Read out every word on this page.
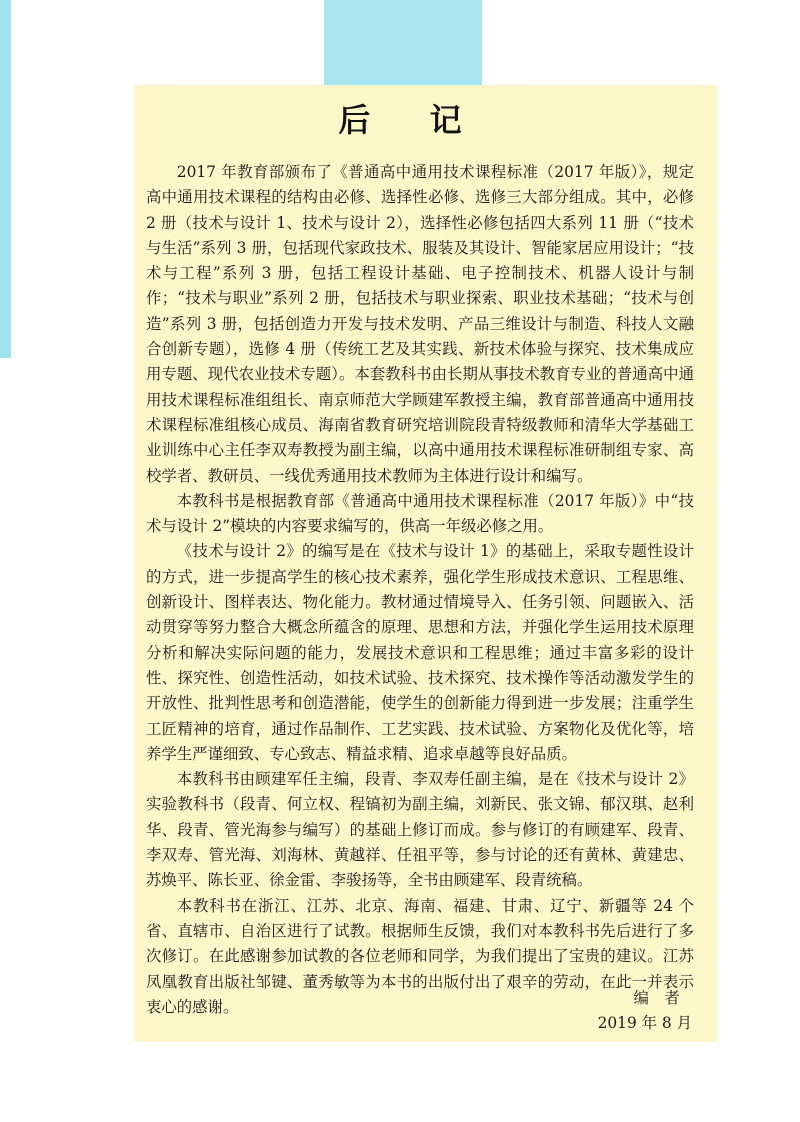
后 记

2017 年教育部颁布了《普通高中通用技术课程标准（2017 年版）》，规定高中通用技术课程的结构由必修、选择性必修、选修三大部分组成。其中，必修 2 册（技术与设计 1、技术与设计 2），选择性必修包括四大系列 11 册（“技术与生活”系列 3 册，包括现代家政技术、服装及其设计、智能家居应用设计；“技术与工程”系列 3 册，包括工程设计基础、电子控制技术、机器人设计与制作；“技术与职业”系列 2 册，包括技术与职业探索、职业技术基础；“技术与创造”系列 3 册，包括创造力开发与技术发明、产品三维设计与制造、科技人文融合创新专题），选修 4 册（传统工艺及其实践、新技术体验与探究、技术集成应用专题、现代农业技术专题）。本套教科书由长期从事技术教育专业的普通高中通用技术课程标准组组长、南京师范大学顾建军教授主编，教育部普通高中通用技术课程标准组核心成员、海南省教育研究培训院段青特级教师和清华大学基础工业训练中心主任李双寿教授为副主编，以高中通用技术课程标准研制组专家、高校学者、教研员、一线优秀通用技术教师为主体进行设计和编写。

本教科书是根据教育部《普通高中通用技术课程标准（2017 年版）》中“技术与设计 2”模块的内容要求编写的，供高一年级必修之用。

《技术与设计 2》的编写是在《技术与设计 1》的基础上，采取专题性设计的方式，进一步提高学生的核心技术素养，强化学生形成技术意识、工程思维、创新设计、图样表达、物化能力。教材通过情境导入、任务引领、问题嵌入、活动贯穿等努力整合大概念所蕴含的原理、思想和方法，并强化学生运用技术原理分析和解决实际问题的能力，发展技术意识和工程思维；通过丰富多彩的设计性、探究性、创造性活动，如技术试验、技术探究、技术操作等活动激发学生的开放性、批判性思考和创造潜能，使学生的创新能力得到进一步发展；注重学生工匠精神的培育，通过作品制作、工艺实践、技术试验、方案物化及优化等，培养学生严谨细致、专心致志、精益求精、追求卓越等良好品质。

本教科书由顾建军任主编，段青、李双寿任副主编，是在《技术与设计 2》实验教科书（段青、何立权、程镐初为副主编，刘新民、张文锦、郁汉琪、赵利华、段青、管光海参与编写）的基础上修订而成。参与修订的有顾建军、段青、李双寿、管光海、刘海林、黄越祥、任祖平等，参与讨论的还有黄林、黄建忠、苏焕平、陈长亚、徐金雷、李骏扬等，全书由顾建军、段青统稿。

本教科书在浙江、江苏、北京、海南、福建、甘肃、辽宁、新疆等 24 个省、直辖市、自治区进行了试教。根据师生反馈，我们对本教科书先后进行了多次修订。在此感谢参加试教的各位老师和同学，为我们提出了宝贵的建议。江苏凤凰教育出版社邹键、董秀敏等为本书的出版付出了艰辛的劳动，在此一并表示衷心的感谢。	编者
2019 年 8 月
